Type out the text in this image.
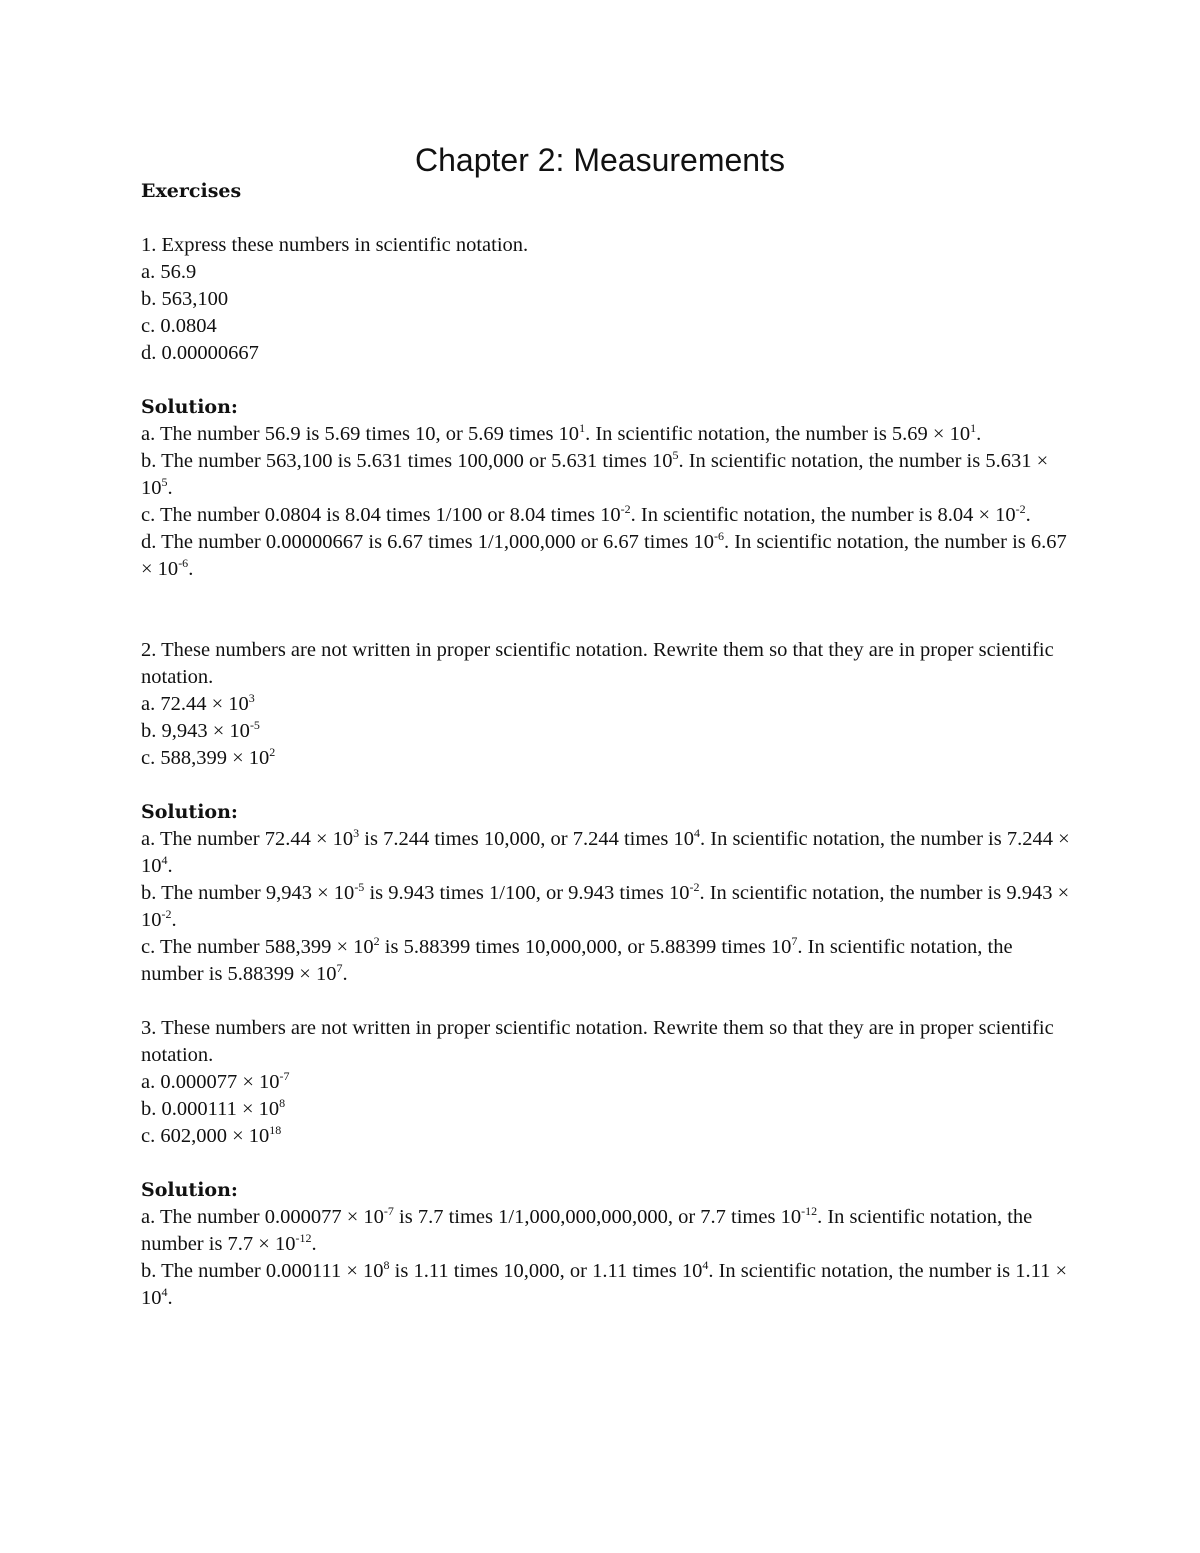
Chapter 2: Measurements

Exercises

1. Express these numbers in scientific notation.

a. 56.9

b. 563,100

c. 0.0804

d. 0.00000667

Solution:

a. The number 56.9 is 5.69 times 10, or 5.69 times $10^1$. In scientific notation, the number is $5.69 \times 10^1$.

b. The number 563,100 is 5.631 times 100,000 or 5.631 times $10^5$. In scientific notation, the number is $5.631 \times 10^5$.

c. The number 0.0804 is 8.04 times 1/100 or 8.04 times $10^{-2}$. In scientific notation, the number is $8.04 \times 10^{-2}$.

d. The number 0.00000667 is 6.67 times 1/1,000,000 or 6.67 times $10^{-6}$. In scientific notation, the number is $6.67 \times 10^{-6}$.

2. These numbers are not written in proper scientific notation. Rewrite them so that they are in proper scientific notation.

a. $72.44 \times 10^3$

b. $9,943 \times 10^{-5}$

c. $588,399 \times 10^2$

Solution:

a. The number $72.44 \times 10^3$ is 7.244 times 10,000, or 7.244 times $10^4$. In scientific notation, the number is $7.244 \times 10^4$.

b. The number $9,943 \times 10^{-5}$ is 9.943 times 1/100, or 9.943 times $10^{-2}$. In scientific notation, the number is $9.943 \times 10^{-2}$.

c. The number $588,399 \times 10^2$ is 5.88399 times 10,000,000, or 5.88399 times $10^7$. In scientific notation, the number is $5.88399 \times 10^7$.

3. These numbers are not written in proper scientific notation. Rewrite them so that they are in proper scientific notation.

a. $0.000077 \times 10^{-7}$

b. $0.000111 \times 10^8$

c. $602,000 \times 10^{18}$

Solution:

a. The number $0.000077 \times 10^{-7}$ is 7.7 times 1/1,000,000,000,000, or 7.7 times $10^{-12}$. In scientific notation, the number is $7.7 \times 10^{-12}$.

b. The number $0.000111 \times 10^8$ is 1.11 times 10,000, or 1.11 times $10^4$. In scientific notation, the number is $1.11 \times 10^4$.
